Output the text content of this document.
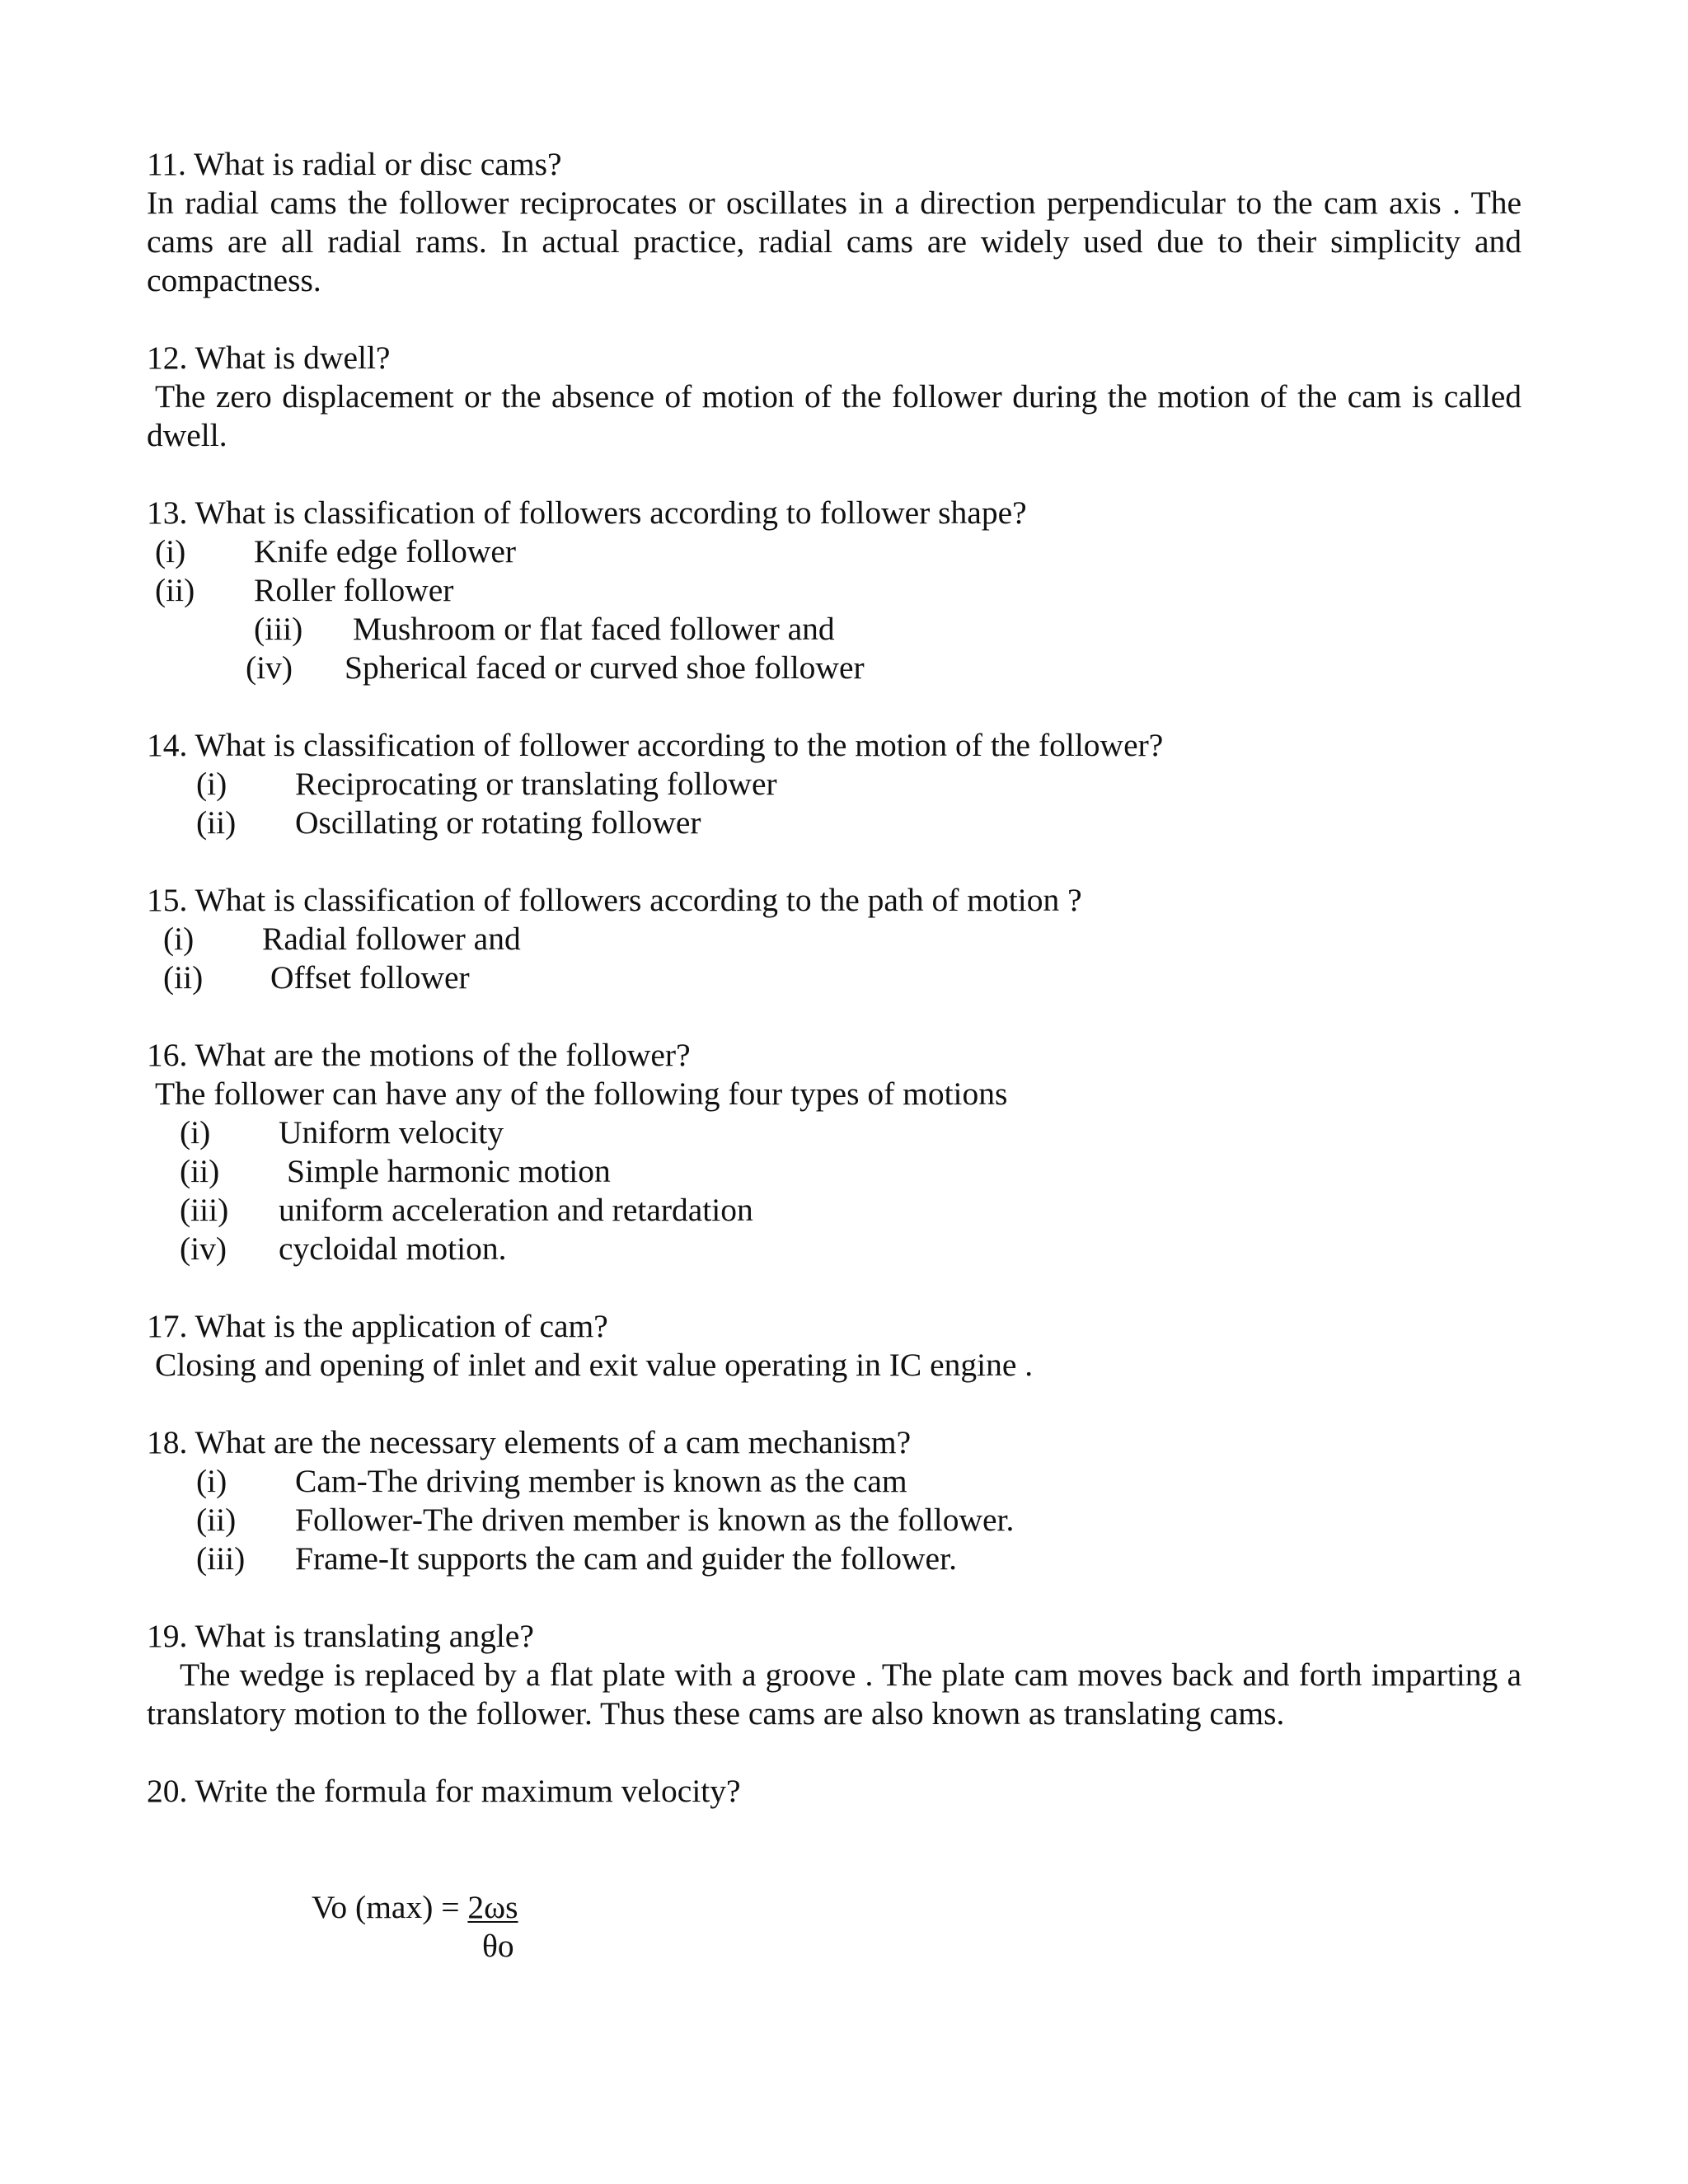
11. What is radial or disc cams?
In radial cams the follower reciprocates or oscillates in a direction perpendicular to the cam axis . The cams are all radial rams. In actual practice, radial cams are widely used due to their simplicity and compactness.
12. What is dwell?
The zero displacement or the absence of motion of the follower during the motion of the cam is called dwell.
13. What is classification of followers according to follower shape?
(i) Knife edge follower
(ii) Roller follower
(iii) Mushroom or flat faced follower and
(iv) Spherical faced or curved shoe follower
14. What is classification of follower according to the motion of the follower?
(i) Reciprocating or translating follower
(ii) Oscillating or rotating follower
15. What is classification of followers according to the path of motion ?
(i) Radial follower and
(ii) Offset follower
16. What are the motions of the follower?
The follower can have any of the following four types of motions
(i) Uniform velocity
(ii) Simple harmonic motion
(iii) uniform acceleration and retardation
(iv) cycloidal motion.
17. What is the application of cam?
Closing and opening of inlet and exit value operating in IC engine .
18. What are the necessary elements of a cam mechanism?
(i) Cam-The driving member is known as the cam
(ii) Follower-The driven member is known as the follower.
(iii) Frame-It supports the cam and guider the follower.
19. What is translating angle?
The wedge is replaced by a flat plate with a groove . The plate cam moves back and forth imparting a translatory motion to the follower. Thus these cams are also known as translating cams.
20. Write the formula for maximum velocity?
Vo (max) = 2ωs
θo
